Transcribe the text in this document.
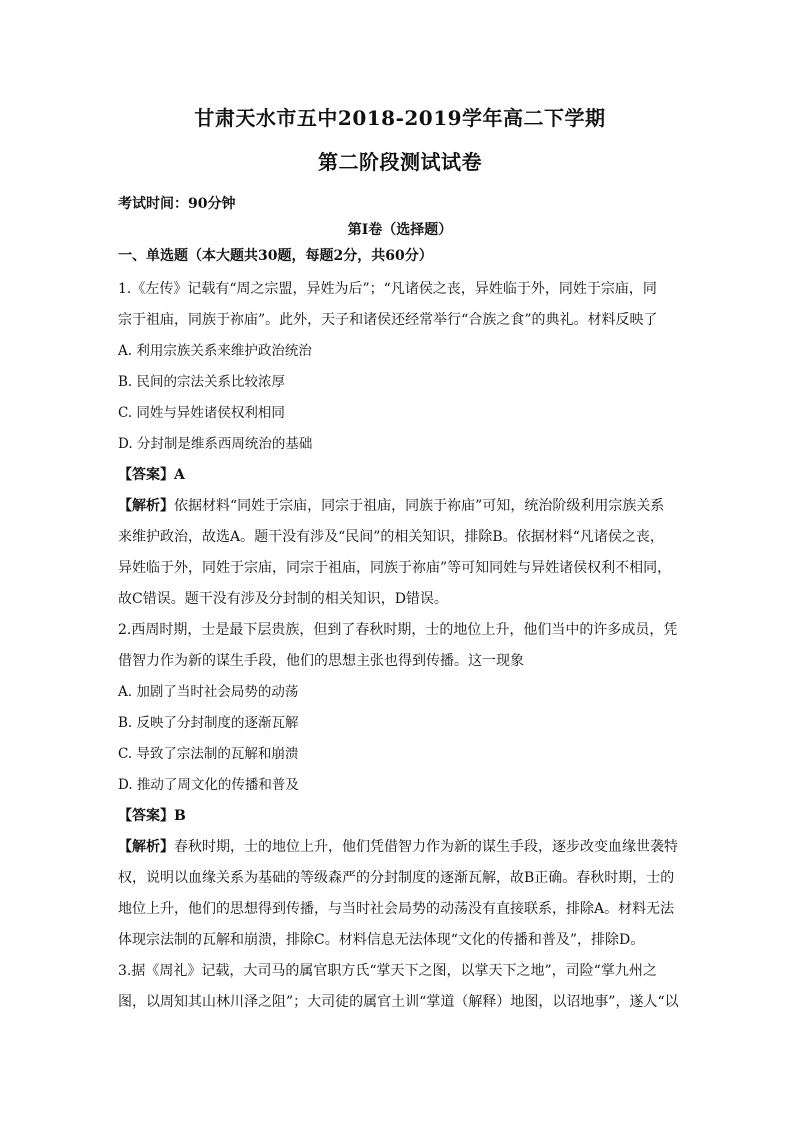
甘肃天水市五中2018-2019学年高二下学期
第二阶段测试试卷
考试时间：90分钟
第Ⅰ卷（选择题）
一、单选题（本大题共30题，每题2分，共60分）
1.《左传》记载有“周之宗盟，异姓为后”；“凡诸侯之丧，异姓临于外，同姓于宗庙，同
宗于祖庙，同族于祢庙”。此外，天子和诸侯还经常举行“合族之食”的典礼。材料反映了
A. 利用宗族关系来维护政治统治
B. 民间的宗法关系比较浓厚
C. 同姓与异姓诸侯权利相同
D. 分封制是维系西周统治的基础
【答案】A
【解析】依据材料“同姓于宗庙，同宗于祖庙，同族于祢庙”可知，统治阶级利用宗族关系
来维护政治，故选A。题干没有涉及“民间”的相关知识，排除B。依据材料“凡诸侯之丧，
异姓临于外，同姓于宗庙，同宗于祖庙，同族于祢庙”等可知同姓与异姓诸侯权利不相同，
故C错误。题干没有涉及分封制的相关知识，D错误。
2.西周时期，士是最下层贵族，但到了春秋时期，士的地位上升，他们当中的许多成员，凭
借智力作为新的谋生手段，他们的思想主张也得到传播。这一现象
A. 加剧了当时社会局势的动荡
B. 反映了分封制度的逐渐瓦解
C. 导致了宗法制的瓦解和崩溃
D. 推动了周文化的传播和普及
【答案】B
【解析】春秋时期，士的地位上升，他们凭借智力作为新的谋生手段，逐步改变血缘世袭特
权，说明以血缘关系为基础的等级森严的分封制度的逐渐瓦解，故B正确。春秋时期，士的
地位上升，他们的思想得到传播，与当时社会局势的动荡没有直接联系，排除A。材料无法
体现宗法制的瓦解和崩溃，排除C。材料信息无法体现“文化的传播和普及”，排除D。
3.据《周礼》记载，大司马的属官职方氏“掌天下之图，以掌天下之地”，司险“掌九州之
图，以周知其山林川泽之阻”；大司徒的属官土训“掌道（解释）地图，以诏地事”，遂人“以
